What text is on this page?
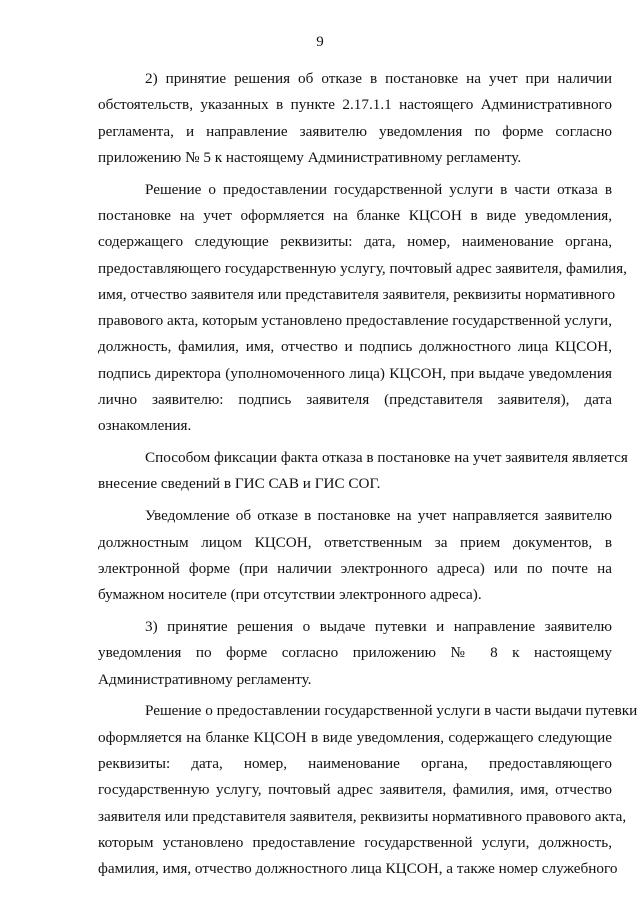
9
2) принятие решения об отказе в постановке на учет при наличии
обстоятельств, указанных в пункте 2.17.1.1 настоящего Административного
регламента, и направление заявителю уведомления по форме согласно
приложению № 5 к настоящему Административному регламенту.
Решение о предоставлении государственной услуги в части отказа в
постановке на учет оформляется на бланке КЦСОН в виде уведомления,
содержащего следующие реквизиты: дата, номер, наименование органа,
предоставляющего государственную услугу, почтовый адрес заявителя, фамилия,
имя, отчество заявителя или представителя заявителя, реквизиты нормативного
правового акта, которым установлено предоставление государственной услуги,
должность, фамилия, имя, отчество и подпись должностного лица КЦСОН,
подпись директора (уполномоченного лица) КЦСОН, при выдаче уведомления
лично заявителю: подпись заявителя (представителя заявителя), дата
ознакомления.
Способом фиксации факта отказа в постановке на учет заявителя является
внесение сведений в ГИС САВ и ГИС СОГ.
Уведомление об отказе в постановке на учет направляется заявителю
должностным лицом КЦСОН, ответственным за прием документов, в
электронной форме (при наличии электронного адреса) или по почте на
бумажном носителе (при отсутствии электронного адреса).
3) принятие решения о выдаче путевки и направление заявителю
уведомления по форме согласно приложению № 8 к настоящему
Административному регламенту.
Решение о предоставлении государственной услуги в части выдачи путевки
оформляется на бланке КЦСОН в виде уведомления, содержащего следующие
реквизиты: дата, номер, наименование органа, предоставляющего
государственную услугу, почтовый адрес заявителя, фамилия, имя, отчество
заявителя или представителя заявителя, реквизиты нормативного правового акта,
которым установлено предоставление государственной услуги, должность,
фамилия, имя, отчество должностного лица КЦСОН, а также номер служебного
